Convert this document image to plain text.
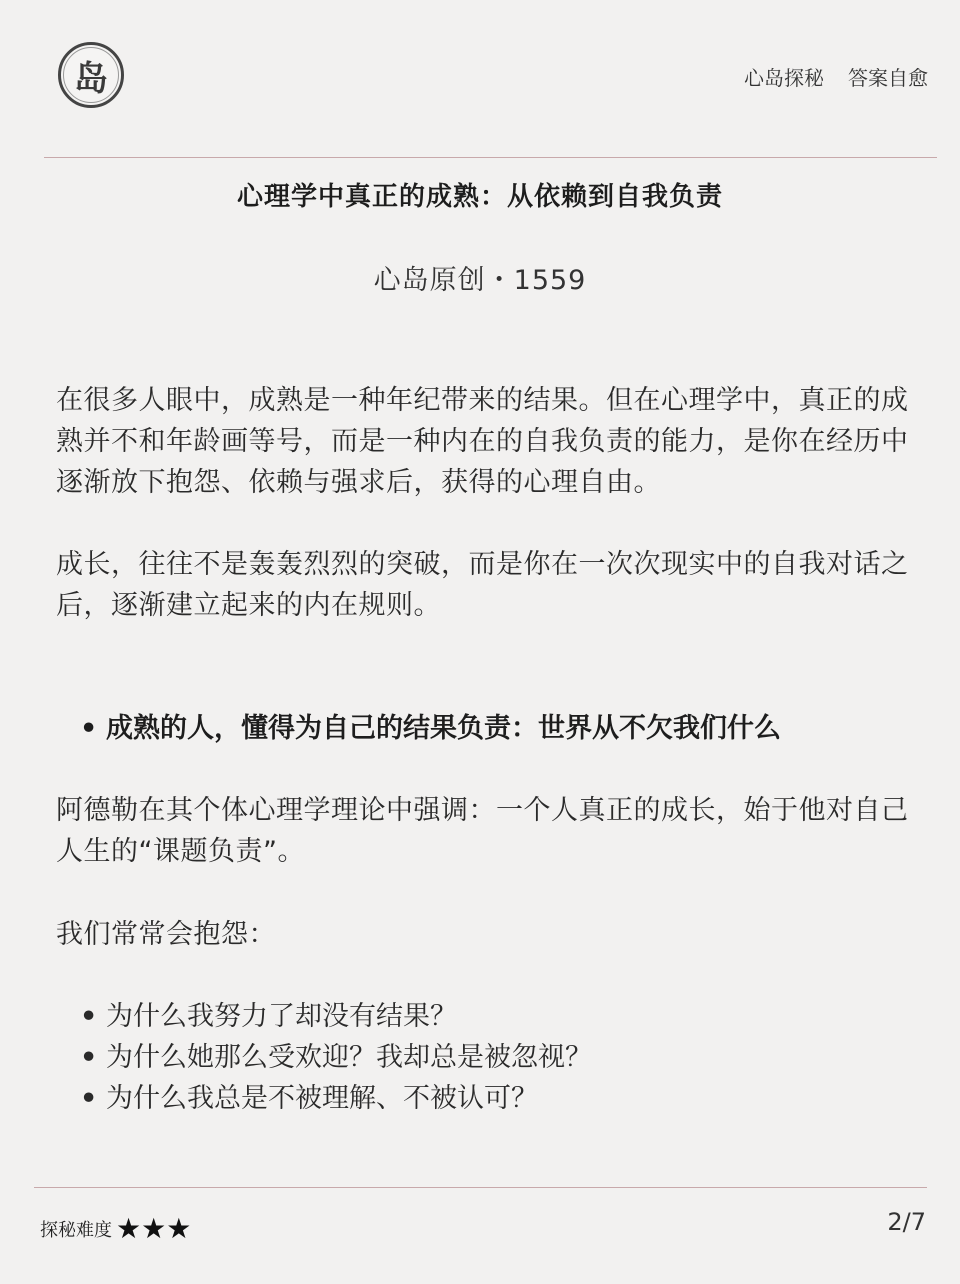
岛	心岛探秘 答案自愈
心理学中真正的成熟：从依赖到自我负责
心岛原创・1559

在很多人眼中，成熟是一种年纪带来的结果。但在心理学中，真正的成熟并不和年龄画等号，而是一种内在的自我负责的能力，是你在经历中逐渐放下抱怨、依赖与强求后，获得的心理自由。

成长，往往不是轰轰烈烈的突破，而是你在一次次现实中的自我对话之后，逐渐建立起来的内在规则。

• 成熟的人，懂得为自己的结果负责：世界从不欠我们什么

阿德勒在其个体心理学理论中强调：一个人真正的成长，始于他对自己人生的“课题负责”。

我们常常会抱怨：

• 为什么我努力了却没有结果？
• 为什么她那么受欢迎？我却总是被忽视？
• 为什么我总是不被理解、不被认可？
探秘难度 ★★★	2/7
